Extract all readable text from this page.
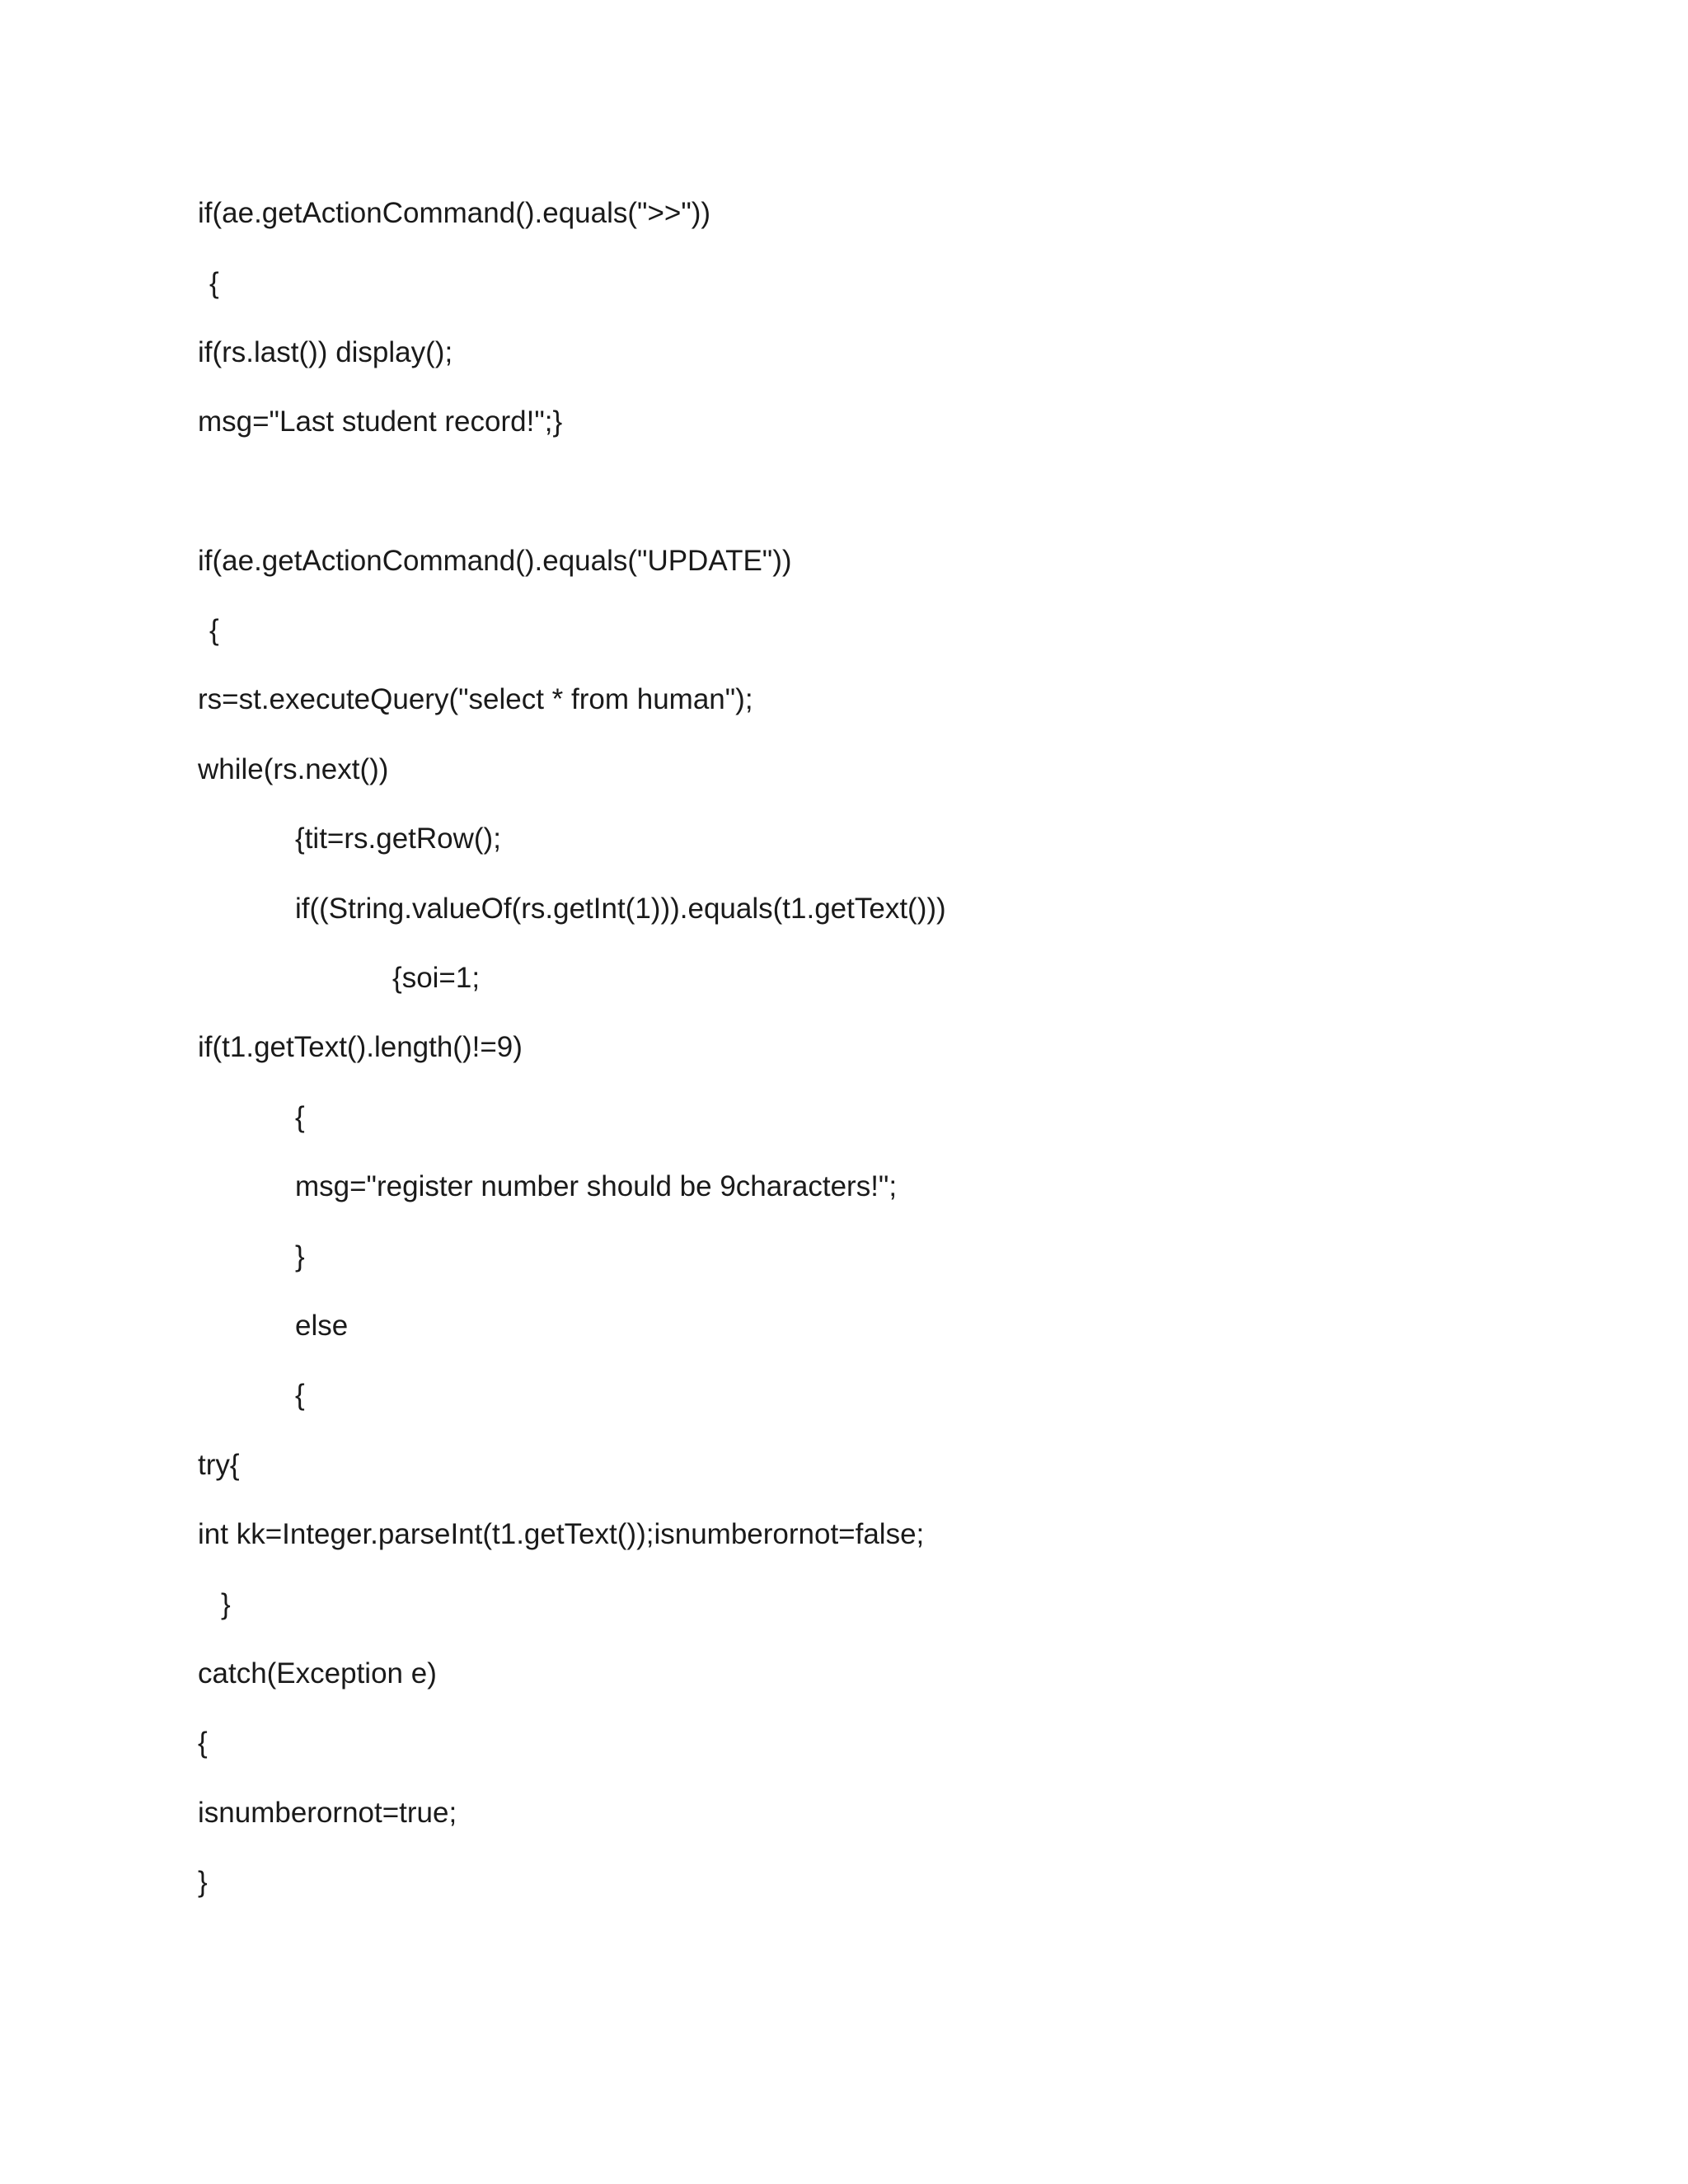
if(ae.getActionCommand().equals(">>"))
{
if(rs.last()) display();
msg="Last student record!";}
if(ae.getActionCommand().equals("UPDATE"))
{
rs=st.executeQuery("select * from human");
while(rs.next())
{tit=rs.getRow();
if((String.valueOf(rs.getInt(1))).equals(t1.getText()))
{soi=1;
if(t1.getText().length()!=9)
{
msg="register number should be 9characters!";
}
else
{
try{
int kk=Integer.parseInt(t1.getText());isnumberornot=false;
}
catch(Exception e)
{
isnumberornot=true;
}
